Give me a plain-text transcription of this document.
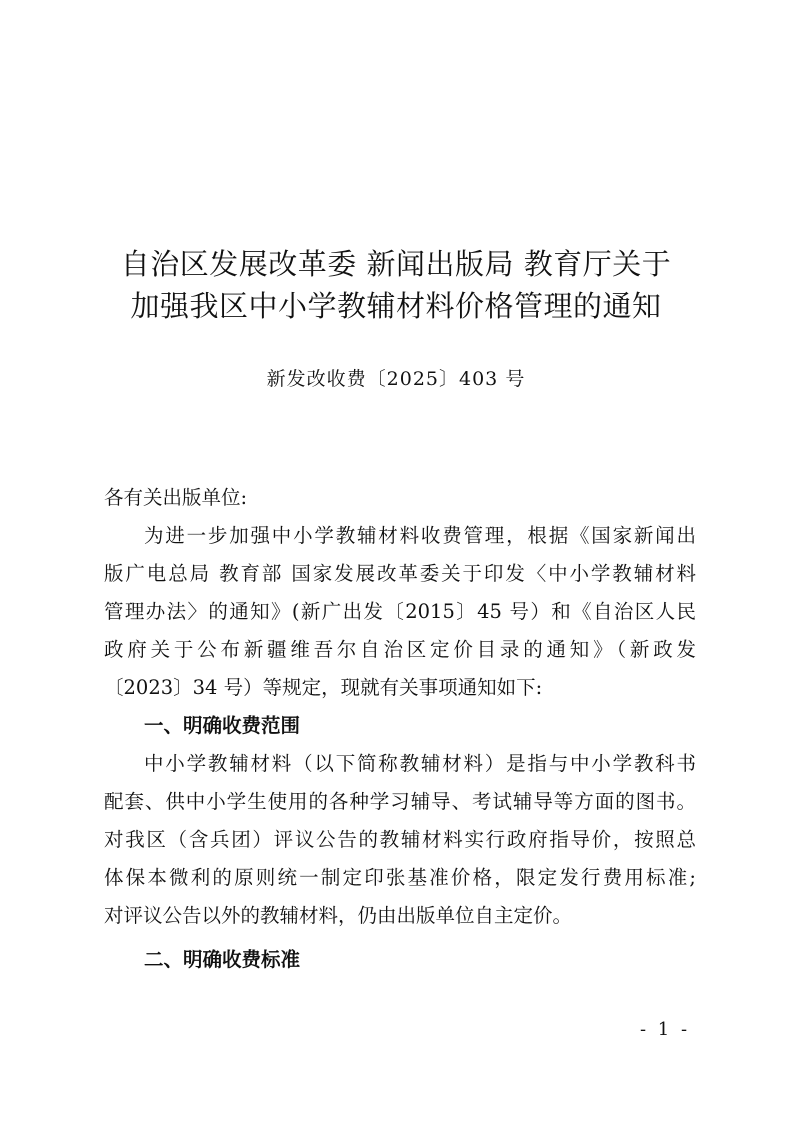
自治区发展改革委 新闻出版局 教育厅关于
加强我区中小学教辅材料价格管理的通知
新发改收费〔2025〕403 号
各有关出版单位:
为进一步加强中小学教辅材料收费管理，根据《国家新闻出
版广电总局 教育部 国家发展改革委关于印发〈中小学教辅材料
管理办法〉的通知》(新广出发〔2015〕45 号）和《自治区人民
政府关于公布新疆维吾尔自治区定价目录的通知》（新政发
〔2023〕34 号）等规定，现就有关事项通知如下:
一、明确收费范围
中小学教辅材料（以下简称教辅材料）是指与中小学教科书
配套、供中小学生使用的各种学习辅导、考试辅导等方面的图书。
对我区（含兵团）评议公告的教辅材料实行政府指导价，按照总
体保本微利的原则统一制定印张基准价格，限定发行费用标准;
对评议公告以外的教辅材料，仍由出版单位自主定价。
二、明确收费标准
- 1 -
